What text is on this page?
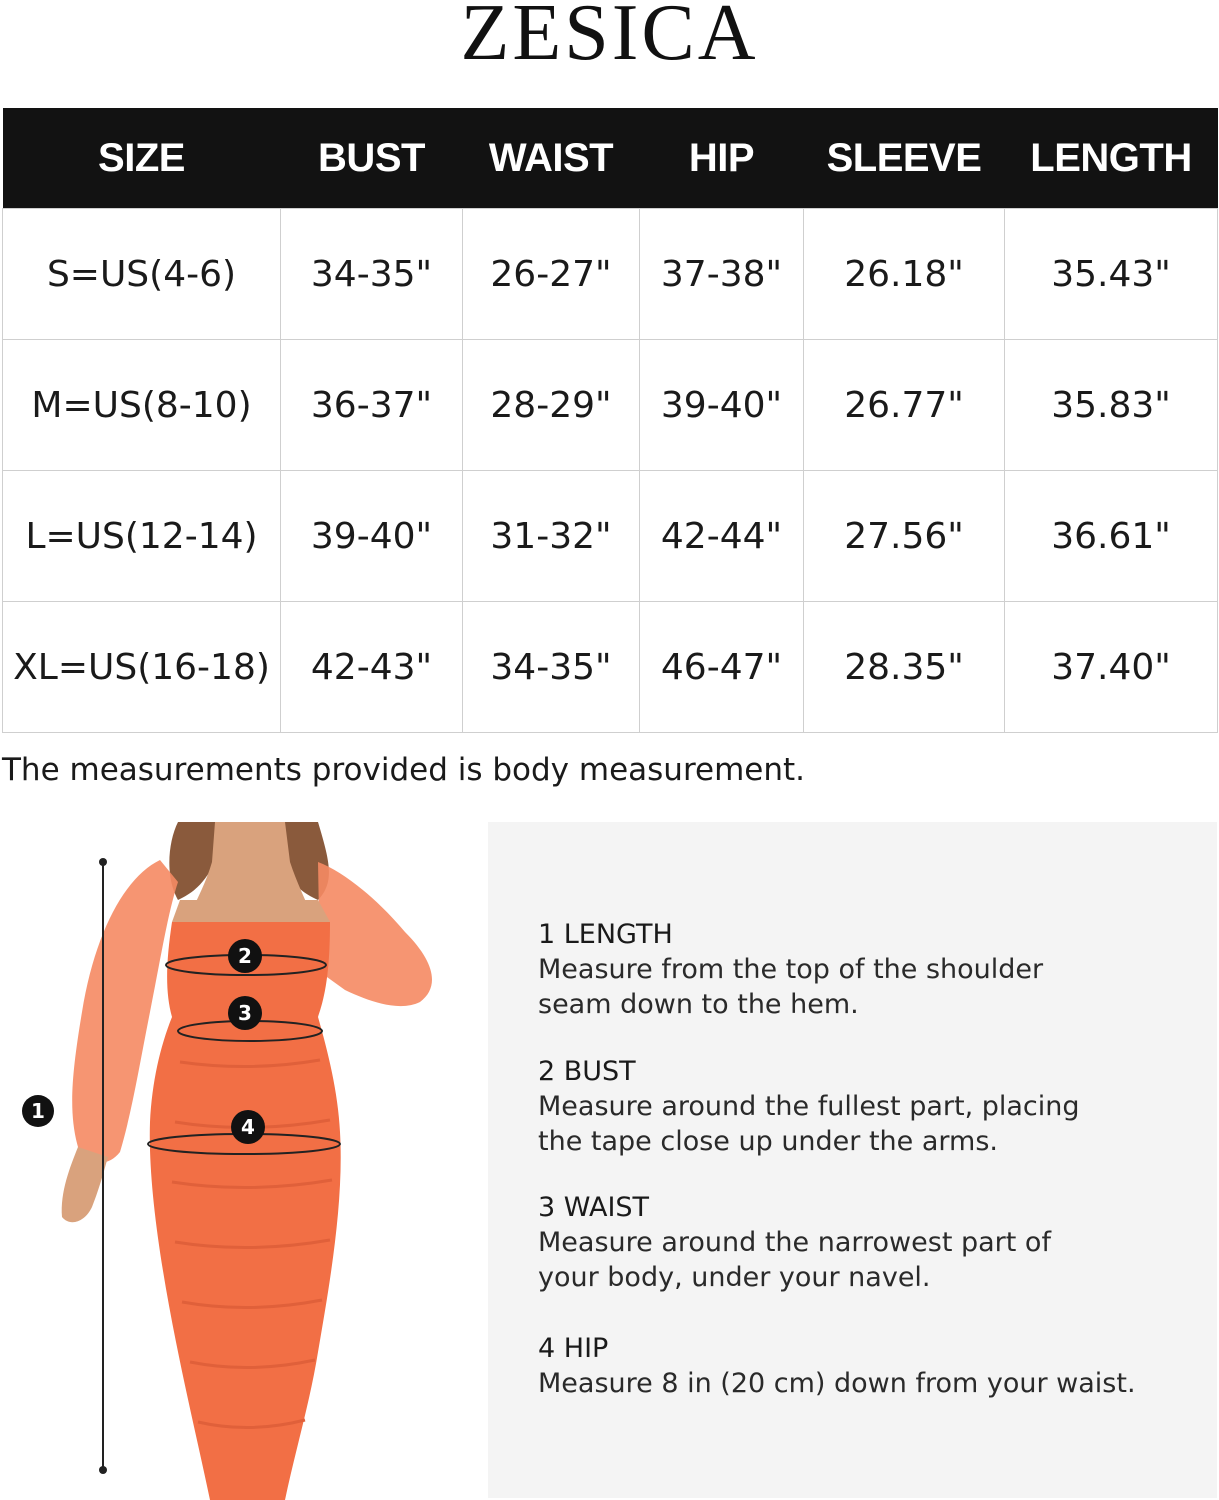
ZESICA
SIZE	BUST	WAIST	HIP	SLEEVE	LENGTH
S=US(4-6)	34-35"	26-27"	37-38"	26.18"	35.43"
M=US(8-10)	36-37"	28-29"	39-40"	26.77"	35.83"
L=US(12-14)	39-40"	31-32"	42-44"	27.56"	36.61"
XL=US(16-18)	42-43"	34-35"	46-47"	28.35"	37.40"
The measurements provided is body measurement.
1
2
3
4
1 LENGTH

Measure from the top of the shoulder

seam down to the hem.

2 BUST

Measure around the fullest part, placing

the tape close up under the arms.

3 WAIST

Measure around the narrowest part of

your body, under your navel.

4 HIP

Measure 8 in (20 cm) down from your waist.
